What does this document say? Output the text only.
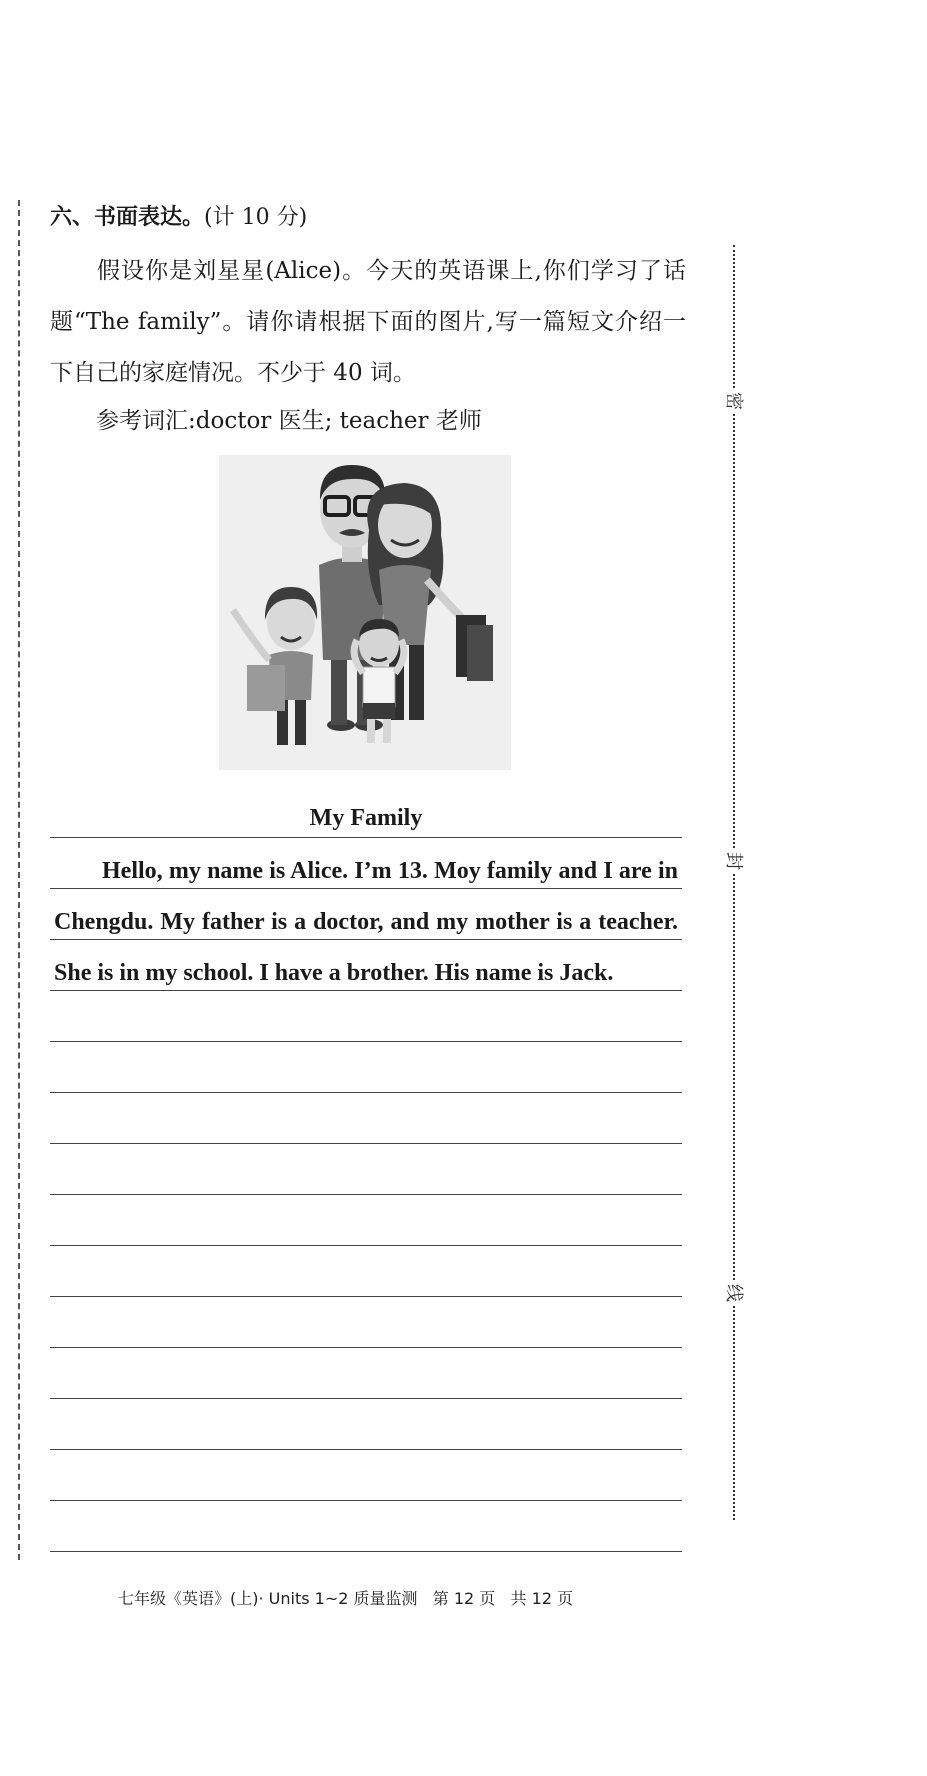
密
封
线
六、书面表达。(计 10 分)
假设你是刘星星(Alice)。今天的英语课上,你们学习了话题“The family”。请你请根据下面的图片,写一篇短文介绍一下自己的家庭情况。不少于 40 词。
参考词汇:doctor 医生; teacher 老师
My Family
Hello, my name is Alice. I’m 13. Moy family and I are in Chengdu. My father is a doctor, and my mother is a teacher. She is in my school. I have a brother. His name is Jack.
七年级《英语》(上)· Units 1~2 质量监测   第 12 页   共 12 页
